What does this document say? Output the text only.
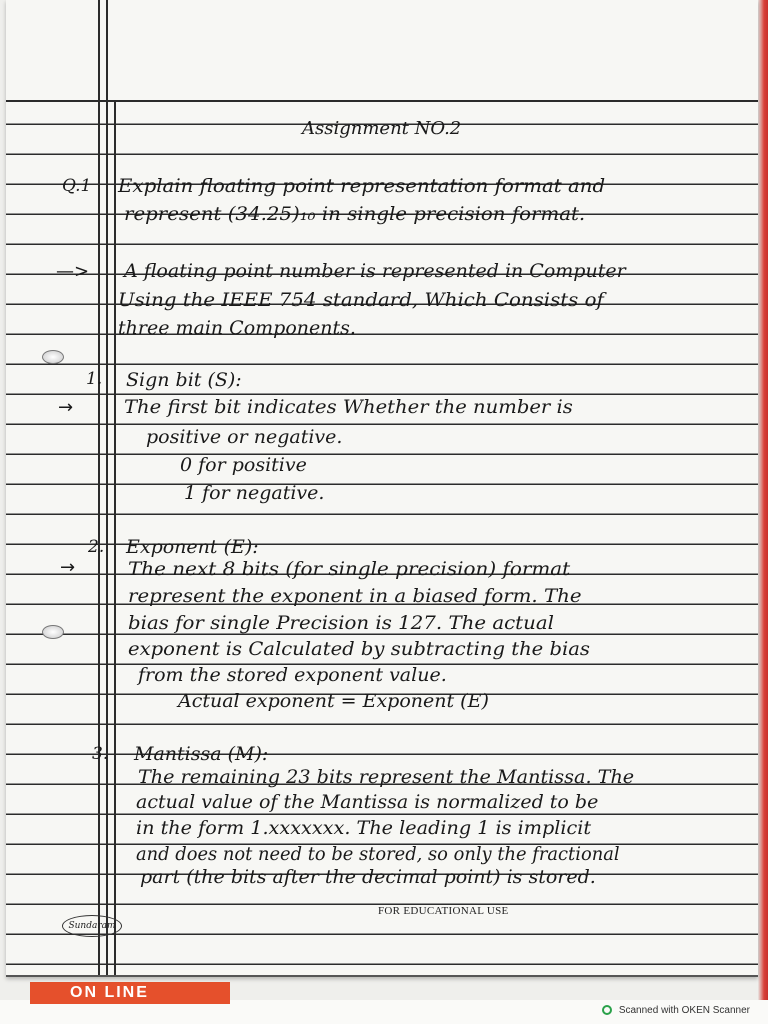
ON LINE
Assignment NO.2
Q.1 Explain floating point representation format and
represent (34.25)₁₀ in single precision format.
—> A floating point number is represented in Computer
Using the IEEE 754 standard, Which Consists of
three main Components.
1. Sign bit (S):
→	The first bit indicates Whether the number is
positive or negative.
0 for positive
1 for negative.
2. Exponent (E):
→	The next 8 bits (for single precision) format
represent the exponent in a biased form. The
bias for single Precision is 127. The actual
exponent is Calculated by subtracting the bias
from the stored exponent value.
Actual exponent = Exponent (E)
3. Mantissa (M):
The remaining 23 bits represent the Mantissa. The
actual value of the Mantissa is normalized to be
in the form 1.xxxxxxx. The leading 1 is implicit
and does not need to be stored, so only the fractional
part (the bits after the decimal point) is stored.
Sundaram
FOR EDUCATIONAL USE
Scanned with OKEN Scanner
